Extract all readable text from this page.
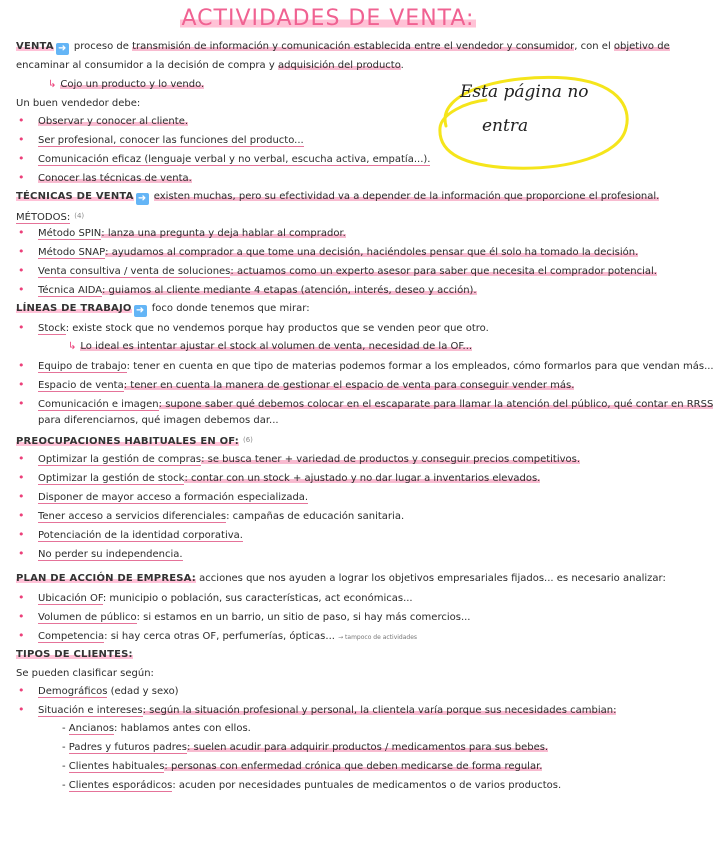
ACTIVIDADES DE VENTA:
Esta página no
entra
VENTA ➜ proceso de transmisión de información y comunicación establecida entre el vendedor y consumidor, con el objetivo de
encaminar al consumidor a la decisión de compra y adquisición del producto.
↳ Cojo un producto y lo vendo.
Un buen vendedor debe:
• Observar y conocer al cliente.
• Ser profesional, conocer las funciones del producto...
• Comunicación eficaz (lenguaje verbal y no verbal, escucha activa, empatía...).
• Conocer las técnicas de venta.
TÉCNICAS DE VENTA ➜ existen muchas, pero su efectividad va a depender de la información que proporcione el profesional.
MÉTODOS: $^{(4)}$
• Método SPIN: lanza una pregunta y deja hablar al comprador.
• Método SNAP: ayudamos al comprador a que tome una decisión, haciéndoles pensar que él solo ha tomado la decisión.
• Venta consultiva / venta de soluciones: actuamos como un experto asesor para saber que necesita el comprador potencial.
• Técnica AIDA: guiamos al cliente mediante 4 etapas (atención, interés, deseo y acción).
LÍNEAS DE TRABAJO ➜ foco donde tenemos que mirar:
• Stock: existe stock que no vendemos porque hay productos que se venden peor que otro.
↳ Lo ideal es intentar ajustar el stock al volumen de venta, necesidad de la OF...
• Equipo de trabajo: tener en cuenta en que tipo de materias podemos formar a los empleados, cómo formarlos para que vendan más...
• Espacio de venta: tener en cuenta la manera de gestionar el espacio de venta para conseguir vender más.
• Comunicación e imagen: supone saber qué debemos colocar en el escaparate para llamar la atención del público, qué contar en RRSS
para diferenciarnos, qué imagen debemos dar...
PREOCUPACIONES HABITUALES EN OF: $^{(6)}$
• Optimizar la gestión de compras: se busca tener + variedad de productos y conseguir precios competitivos.
• Optimizar la gestión de stock: contar con un stock + ajustado y no dar lugar a inventarios elevados.
• Disponer de mayor acceso a formación especializada.
• Tener acceso a servicios diferenciales: campañas de educación sanitaria.
• Potenciación de la identidad corporativa.
• No perder su independencia.
PLAN DE ACCIÓN DE EMPRESA: acciones que nos ayuden a lograr los objetivos empresariales fijados... es necesario analizar:
• Ubicación OF: municipio o población, sus características, act económicas...
• Volumen de público: si estamos en un barrio, un sitio de paso, si hay más comercios...
• Competencia: si hay cerca otras OF, perfumerías, ópticas... → tampoco de actividades
TIPOS DE CLIENTES:
Se pueden clasificar según:
• Demográficos (edad y sexo)
• Situación e intereses: según la situación profesional y personal, la clientela varía porque sus necesidades cambian:
- Ancianos: hablamos antes con ellos.
- Padres y futuros padres: suelen acudir para adquirir productos / medicamentos para sus bebes.
- Clientes habituales: personas con enfermedad crónica que deben medicarse de forma regular.
- Clientes esporádicos: acuden por necesidades puntuales de medicamentos o de varios productos.
